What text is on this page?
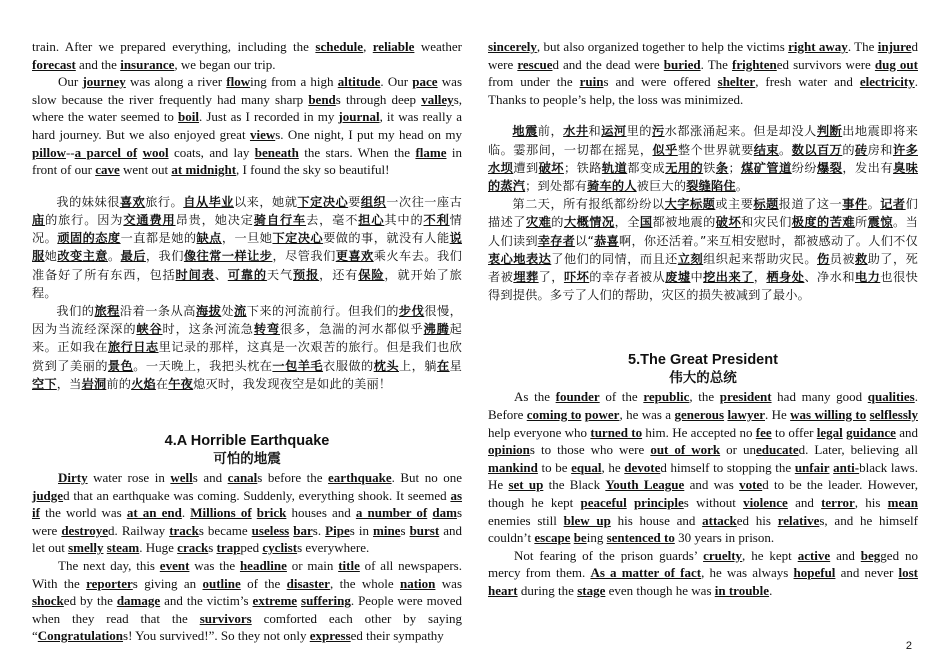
train. After we prepared everything, including the schedule, reliable weather forecast and the insurance, we began our trip.

Our journey was along a river flowing from a high altitude. Our pace was slow because the river frequently had many sharp bends through deep valleys, where the water seemed to boil. Just as I recorded in my journal, it was really a hard journey. But we also enjoyed great views. One night, I put my head on my pillow--a parcel of wool coats, and lay beneath the stars. When the flame in front of our cave went out at midnight, I found the sky so beautiful!

我的妹妹很喜欢旅行。自从毕业以来，她就下定决心要组织一次往一座古庙的旅行。因为交通费用昂贵，她决定骑自行车去，毫不担心其中的不利情况。顽固的态度一直都是她的缺点，一旦她下定决心要做的事，就没有人能说服她改变主意。最后，我们像往常一样让步，尽管我们更喜欢乘火车去。我们准备好了所有东西，包括时间表、可靠的天气预报，还有保险，就开始了旅程。

我们的旅程沿着一条从高海拔处流下来的河流前行。但我们的步伐很慢，因为当流经深深的峡谷时，这条河流急转弯很多，急湍的河水都似乎沸腾起来。正如我在旅行日志里记录的那样，这真是一次艰苦的旅行。但是我们也欣赏到了美丽的景色。一天晚上，我把头枕在一包羊毛衣服做的枕头上，躺在星空下，当岩洞前的火焰在午夜熄灭时，我发现夜空是如此的美丽！

4.A Horrible Earthquake
可怕的地震

Dirty water rose in wells and canals before the earthquake. But no one judged that an earthquake was coming. Suddenly, everything shook. It seemed as if the world was at an end. Millions of brick houses and a number of dams were destroyed. Railway tracks became useless bars. Pipes in mines burst and let out smelly steam. Huge cracks trapped cyclists everywhere.

The next day, this event was the headline or main title of all newspapers. With the reporters giving an outline of the disaster, the whole nation was shocked by the damage and the victim’s extreme suffering. People were moved when they read that the survivors comforted each other by saying “Congratulations! You survived!”. So they not only expressed their sympathy

sincerely, but also organized together to help the victims right away. The injured were rescued and the dead were buried. The frightened survivors were dug out from under the ruins and were offered shelter, fresh water and electricity. Thanks to people’s help, the loss was minimized.

地震前，水井和运河里的污水都涨涌起来。但是却没人判断出地震即将来临。霎那间，一切都在摇晃，似乎整个世界就要结束。数以百万的砖房和许多水坝遭到破坏；铁路轨道都变成无用的铁条；煤矿管道纷纷爆裂，发出有臭味的蒸汽；到处都有骑车的人被巨大的裂缝陷住。

第二天，所有报纸都纷纷以大字标题或主要标题报道了这一事件。记者们描述了灾难的大概情况，全国都被地震的破坏和灾民们极度的苦难所震惊。当人们读到幸存者以“恭喜啊，你还活着。”来互相安慰时，都被感动了。人们不仅衷心地表达了他们的同情，而且还立刻组织起来帮助灾民。伤员被救助了，死者被埋葬了，吓坏的幸存者被从废墟中挖出来了，栖身处、净水和电力也很快得到提供。多亏了人们的帮助，灾区的损失被减到了最小。

5.The Great President
伟大的总统

As the founder of the republic, the president had many good qualities. Before coming to power, he was a generous lawyer. He was willing to selflessly help everyone who turned to him. He accepted no fee to offer legal guidance and opinions to those who were out of work or uneducated. Later, believing all mankind to be equal, he devoted himself to stopping the unfair anti-black laws. He set up the Black Youth League and was voted to be the leader. However, though he kept peaceful principles without violence and terror, his mean enemies still blew up his house and attacked his relatives, and he himself couldn’t escape being sentenced to 30 years in prison.

Not fearing of the prison guards’ cruelty, he kept active and begged no mercy from them. As a matter of fact, he was always hopeful and never lost heart during the stage even though he was in trouble.

2
